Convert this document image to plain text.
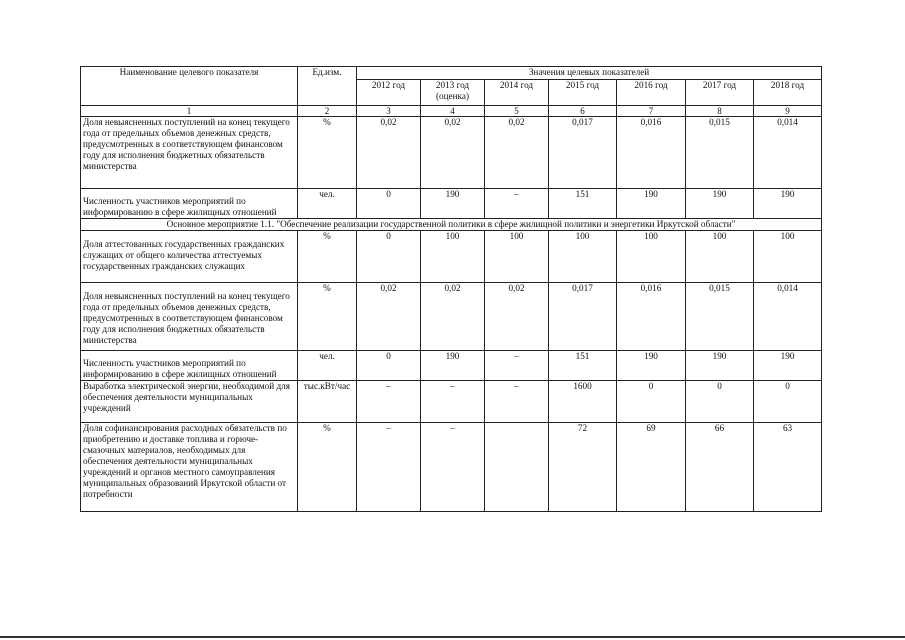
Наименование целевого показателя	Ед.изм.	Значения целевых показателей						
		2012 год	2013 год (оценка)	2014 год	2015 год	2016 год	2017 год	2018 год
1	2	3	4	5	6	7	8	9
Доля невыясненных поступлений на конец текущего года от предельных объемов денежных средств, предусмотренных в соответствующем финансовом году для исполнения бюджетных обязательств министерства	%	0,02	0,02	0,02	0,017	0,016	0,015	0,014
Численность участников мероприятий по информированию в сфере жилищных отношений	чел.	0	190	–	151	190	190	190
Основное мероприятие 1.1. "Обеспечение реализации государственной политики в сфере жилищной политики и энергетики Иркутской области"								
Доля аттестованных государственных гражданских служащих от общего количества аттестуемых государственных гражданских служащих	%	0	100	100	100	100	100	100
Доля невыясненных поступлений на конец текущего года от предельных объемов денежных средств, предусмотренных в соответствующем финансовом году для исполнения бюджетных обязательств министерства	%	0,02	0,02	0,02	0,017	0,016	0,015	0,014
Численность участников мероприятий по информированию в сфере жилищных отношений	чел.	0	190	–	151	190	190	190
Выработка электрической энергии, необходимой для обеспечения деятельности муниципальных учреждений	тыс.кВт/час	–	–	–	1600	0	0	0
Доля софинансирования расходных обязательств по приобретению и доставке топлива и горюче-смазочных материалов, необходимых для обеспечения деятельности муниципальных учреждений и органов местного самоуправления муниципальных образований Иркутской области от потребности	%	–	–		72	69	66	63
